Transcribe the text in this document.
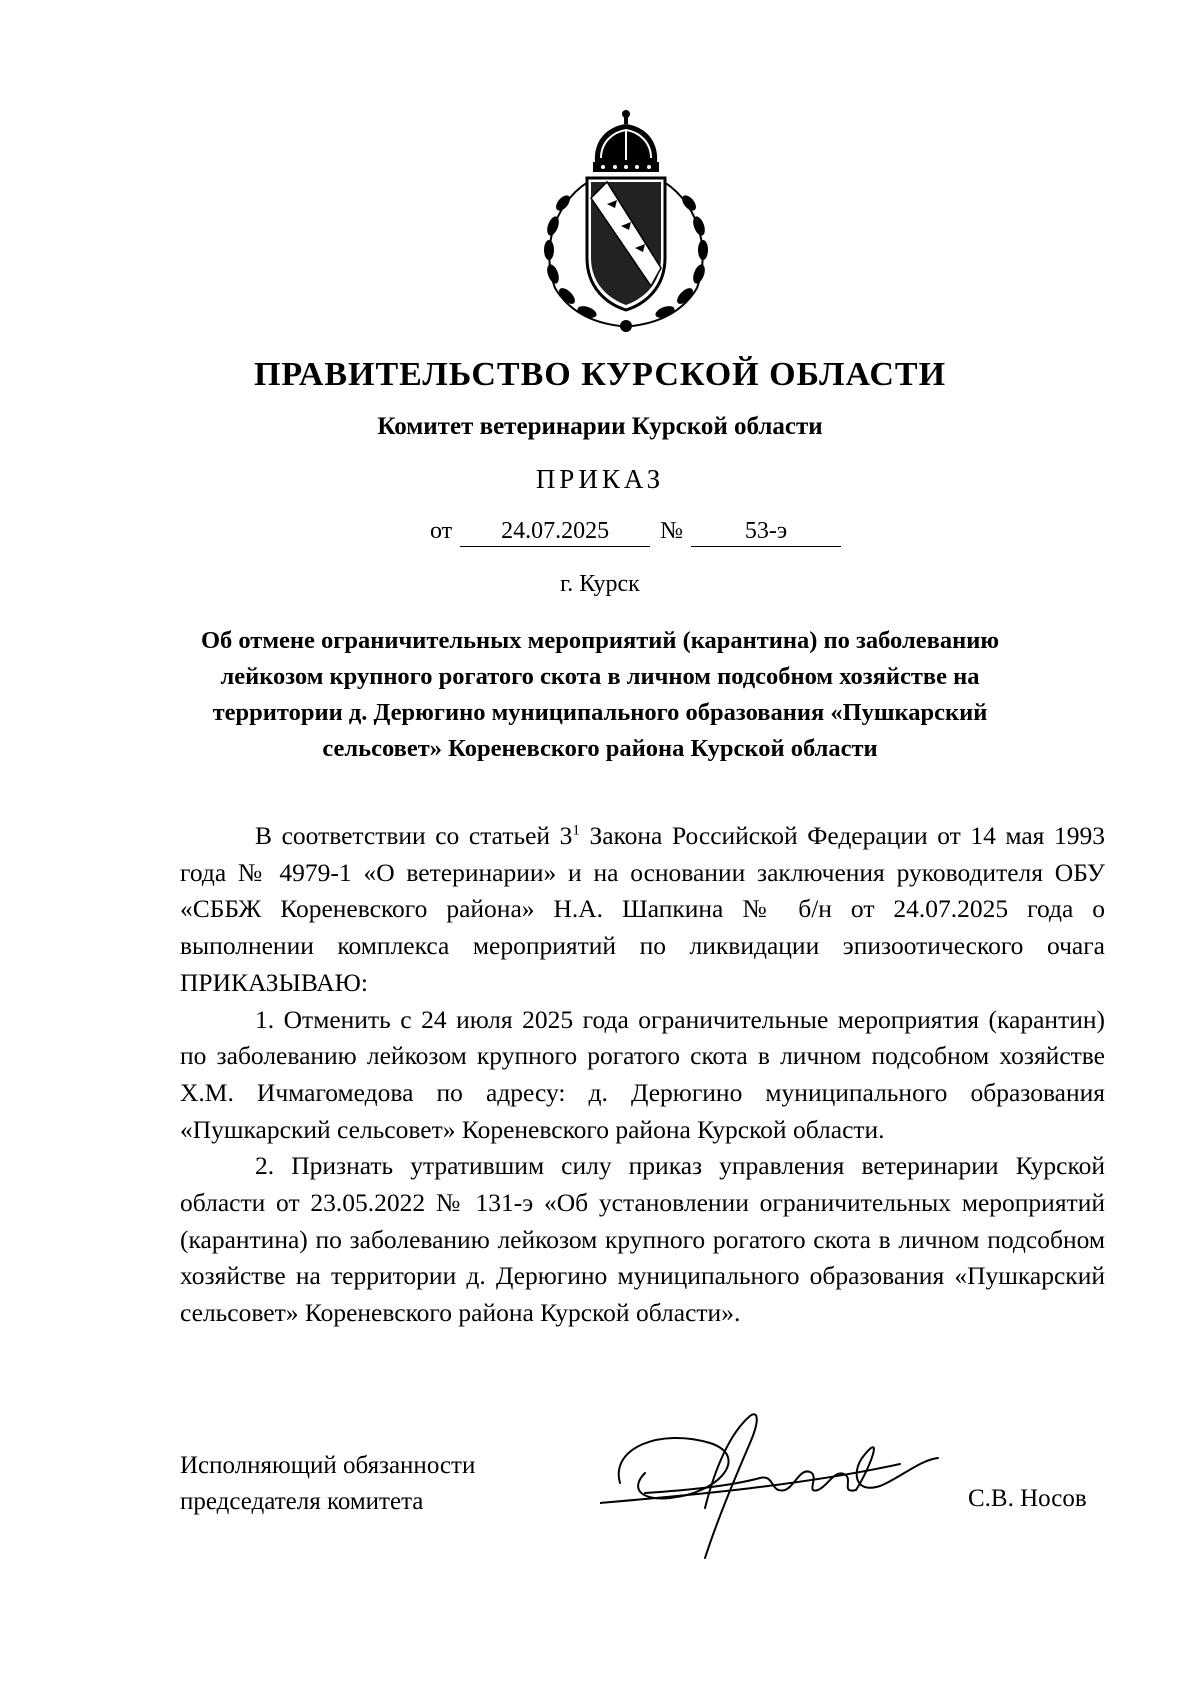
ПРАВИТЕЛЬСТВО КУРСКОЙ ОБЛАСТИ
Комитет ветеринарии Курской области
ПРИКАЗ
от 24.07.2025 №	53-э
г. Курск
Об отмене ограничительных мероприятий (карантина) по заболеванию лейкозом крупного рогатого скота в личном подсобном хозяйстве на территории д. Дерюгино муниципального образования «Пушкарский сельсовет» Кореневского района Курской области

В соответствии со статьей $3^1$ Закона Российской Федерации от 14 мая 1993 года № 4979-1 «О ветеринарии» и на основании заключения руководителя ОБУ «СББЖ Кореневского района» Н.А. Шапкина № б/н от 24.07.2025 года о выполнении комплекса мероприятий по ликвидации эпизоотического очага ПРИКАЗЫВАЮ:

1. Отменить с 24 июля 2025 года ограничительные мероприятия (карантин) по заболеванию лейкозом крупного рогатого скота в личном подсобном хозяйстве Х.М. Ичмагомедова по адресу: д. Дерюгино муниципального образования «Пушкарский сельсовет» Кореневского района Курской области.

2. Признать утратившим силу приказ управления ветеринарии Курской области от 23.05.2022 № 131-э «Об установлении ограничительных мероприятий (карантина) по заболеванию лейкозом крупного рогатого скота в личном подсобном хозяйстве на территории д. Дерюгино муниципального образования «Пушкарский сельсовет» Кореневского района Курской области».

Исполняющий обязанности
председателя комитета	С.В. Носов
